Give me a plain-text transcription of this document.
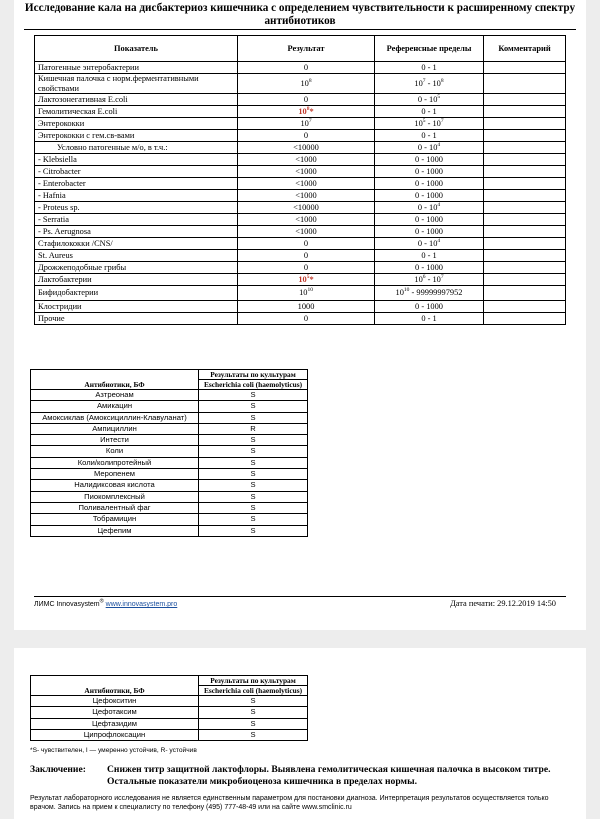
Исследование кала на дисбактериоз кишечника с определением чувствительности к расширенному спектру антибиотиков
Показатель	Результат	Референсные пределы	Комментарий
Патогенные энтеробактерии	0	0 - 1	
Кишечная палочка с норм.ферментативными свойствами	$10^8$	$10^7 - 10^8$	
Лактозонегативная E.coli	0	$0 - 10^5$	
Гемолитическая E.coli	$10^8*$	0 - 1	
Энтерококки	$10^7$	$10^5 - 10^7$	
Энтерококки с гем.св-вами	0	0 - 1	
Условно патогенные м/о, в т.ч.:	<10000	$0 - 10^4$	
- Klebsiella	<1000	0 - 1000	
- Citrobacter	<1000	0 - 1000	
- Enterobacter	<1000	0 - 1000	
- Hafnia	<1000	0 - 1000	
- Proteus sp.	<10000	$0 - 10^4$	
- Serratia	<1000	0 - 1000	
- Ps. Aerugnosa	<1000	0 - 1000	
Стафилококки /CNS/	0	$0 - 10^4$	
St. Aureus	0	0 - 1	
Дрожжеподобные грибы	0	0 - 1000	
Лактобактерии	$10^5*$	$10^6 - 10^7$	
Бифидобактерии	$10^{10}$	$10^{10} - 99999997952$	
Клостридии	1000	0 - 1000	
Прочие	0	0 - 1	
Антибиотики, БФ	Результаты по культурам
	Escherichia coli (haemolyticus)
Азтреонам	S
Амикацин	S
Амоксиклав (Амоксициллин-Клавуланат)	S
Ампициллин	R
Интести	S
Коли	S
Коли/колипротейный	S
Меропенем	S
Налидиксовая кислота	S
Пиокомплексный	S
Поливалентный фаг	S
Тобрамицин	S
Цефепим	S
ЛИМС Innovasystem® www.innovasystem.pro	Дата печати: 29.12.2019 14:50
Антибиотики, БФ	Результаты по культурам
	Escherichia coli (haemolyticus)
Цефокситин	S
Цефотаксим	S
Цефтазидим	S
Ципрофлоксацин	S
*S- чувствителен, I — умеренно устойчив, R- устойчив
Заключение: Снижен титр защитной лактофлоры. Выявлена гемолитическая кишечная палочка в высоком титре. Остальные показатели микробиоценоза кишечника в пределах нормы.
Результат лабораторного исследования не является единственным параметром для постановки диагноза. Интерпретация результатов осуществляется только врачом. Запись на прием к специалисту по телефону (495) 777-48-49 или на сайте www.smclinic.ru
